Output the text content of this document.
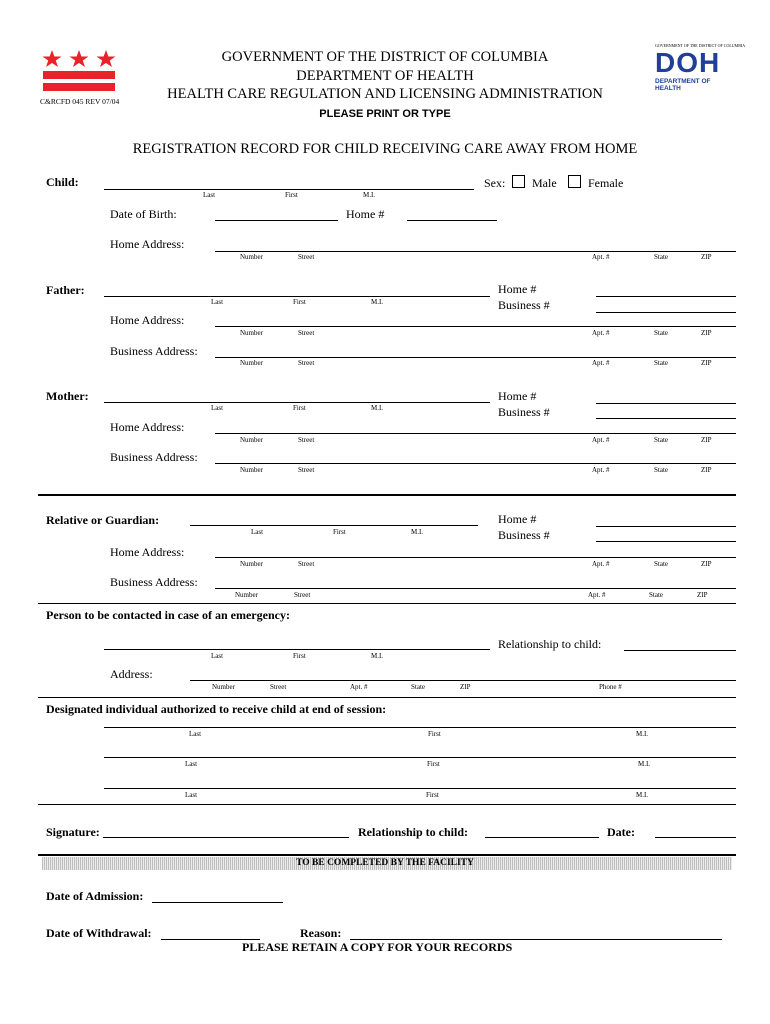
C&RCFD 045 REV 07/04
GOVERNMENT OF THE DISTRICT OF COLUMBIA
DEPARTMENT OF HEALTH
HEALTH CARE REGULATION AND LICENSING ADMINISTRATION
PLEASE PRINT OR TYPE
GOVERNMENT OF THE DISTRICT OF COLUMBIA
DOH
DEPARTMENT OF HEALTH
REGISTRATION RECORD FOR CHILD RECEIVING CARE AWAY FROM HOME
Child:
Last	First	M.I.
Sex: Male	Female
Date of Birth:	Home #
Home Address:
Number	Street	Apt. #	State	ZIP
Father:
Last	First	M.I.
Home #
Business #
Home Address:
Number	Street	Apt. #	State	ZIP
Business Address:
Number	Street	Apt. #	State	ZIP
Mother:
Last	First	M.I.
Home #
Business #
Home Address:
Number	Street	Apt. #	State	ZIP
Business Address:
Number	Street	Apt. #	State	ZIP
Relative or Guardian:
Last	First	M.I.
Home #
Business #
Home Address:
Number	Street	Apt. #	State	ZIP
Business Address:
Number	Street	Apt. #	State	ZIP
Person to be contacted in case of an emergency:
Last	First	M.I.
Relationship to child:
Address:
Number	Street	Apt. #	State	ZIP	Phone #
Designated individual authorized to receive child at end of session:
Last	First	M.I.
Last	First	M.I.
Last	First	M.I.
Signature:	Relationship to child:	Date:
TO BE COMPLETED BY THE FACILITY
Date of Admission:
Date of Withdrawal:	Reason:
PLEASE RETAIN A COPY FOR YOUR RECORDS
